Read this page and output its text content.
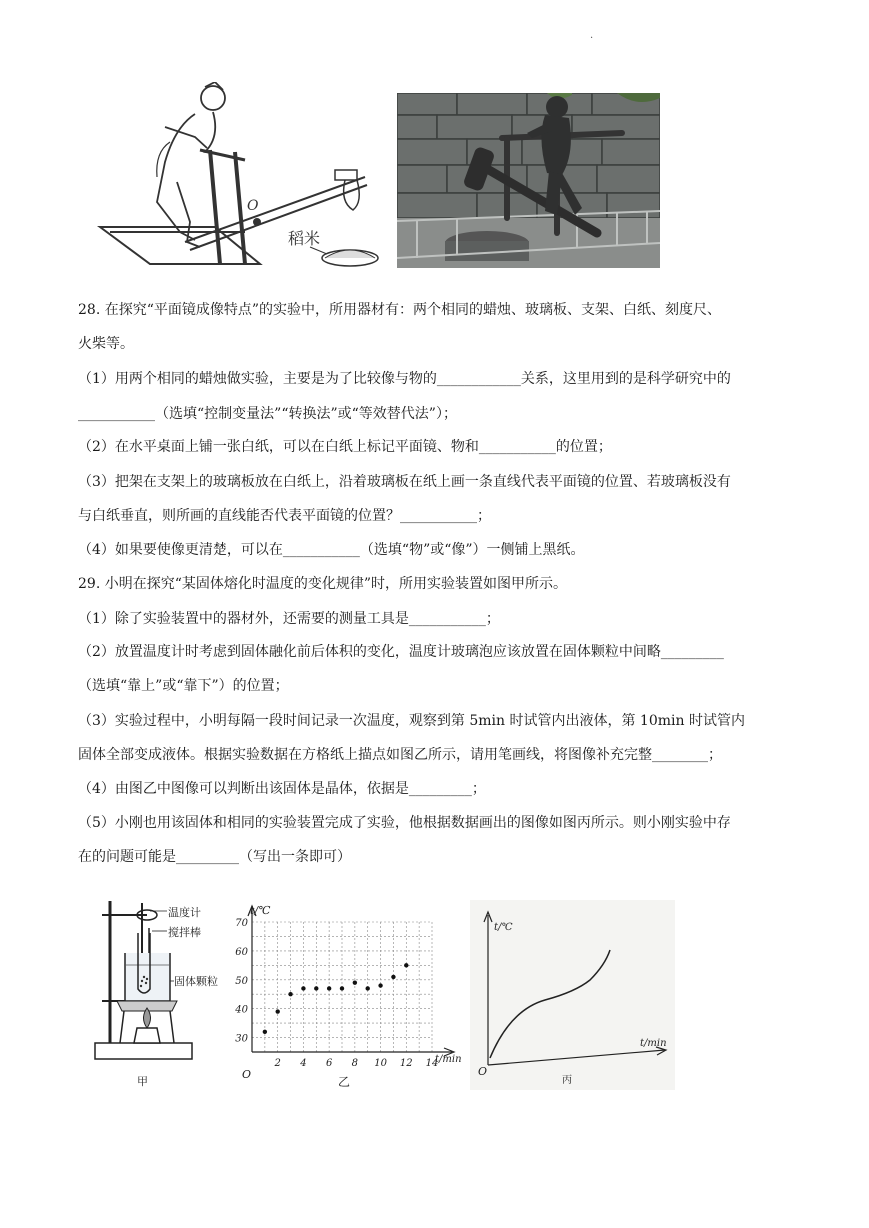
.
O
稻米
28. 在探究“平面镜成像特点”的实验中，所用器材有：两个相同的蜡烛、玻璃板、支架、白纸、刻度尺、
火柴等。
（1）用两个相同的蜡烛做实验，主要是为了比较像与物的____________关系，这里用到的是科学研究中的
___________（选填“控制变量法”“转换法”或“等效替代法”）；
（2）在水平桌面上铺一张白纸，可以在白纸上标记平面镜、物和___________的位置；
（3）把架在支架上的玻璃板放在白纸上，沿着玻璃板在纸上画一条直线代表平面镜的位置、若玻璃板没有
与白纸垂直，则所画的直线能否代表平面镜的位置？___________；
（4）如果要使像更清楚，可以在___________（选填“物”或“像”）一侧铺上黑纸。
29. 小明在探究“某固体熔化时温度的变化规律”时，所用实验装置如图甲所示。
（1）除了实验装置中的器材外，还需要的测量工具是___________；
（2）放置温度计时考虑到固体融化前后体积的变化，温度计玻璃泡应该放置在固体颗粒中间略_________
（选填“靠上”或“靠下”）的位置；
（3）实验过程中，小明每隔一段时间记录一次温度，观察到第 5min 时试管内出液体，第 10min 时试管内
固体全部变成液体。根据实验数据在方格纸上描点如图乙所示，请用笔画线，将图像补充完整________；
（4）由图乙中图像可以判断出该固体是晶体，依据是_________；
（5）小刚也用该固体和相同的实验装置完成了实验，他根据数据画出的图像如图丙所示。则小刚实验中存
在的问题可能是_________（写出一条即可）
温度计
搅拌棒
固体颗粒
甲
2 4 6 8 10 12 14
30
40
50
60
70
t/℃
t/min
O
乙
t/℃
t/min
O
丙
